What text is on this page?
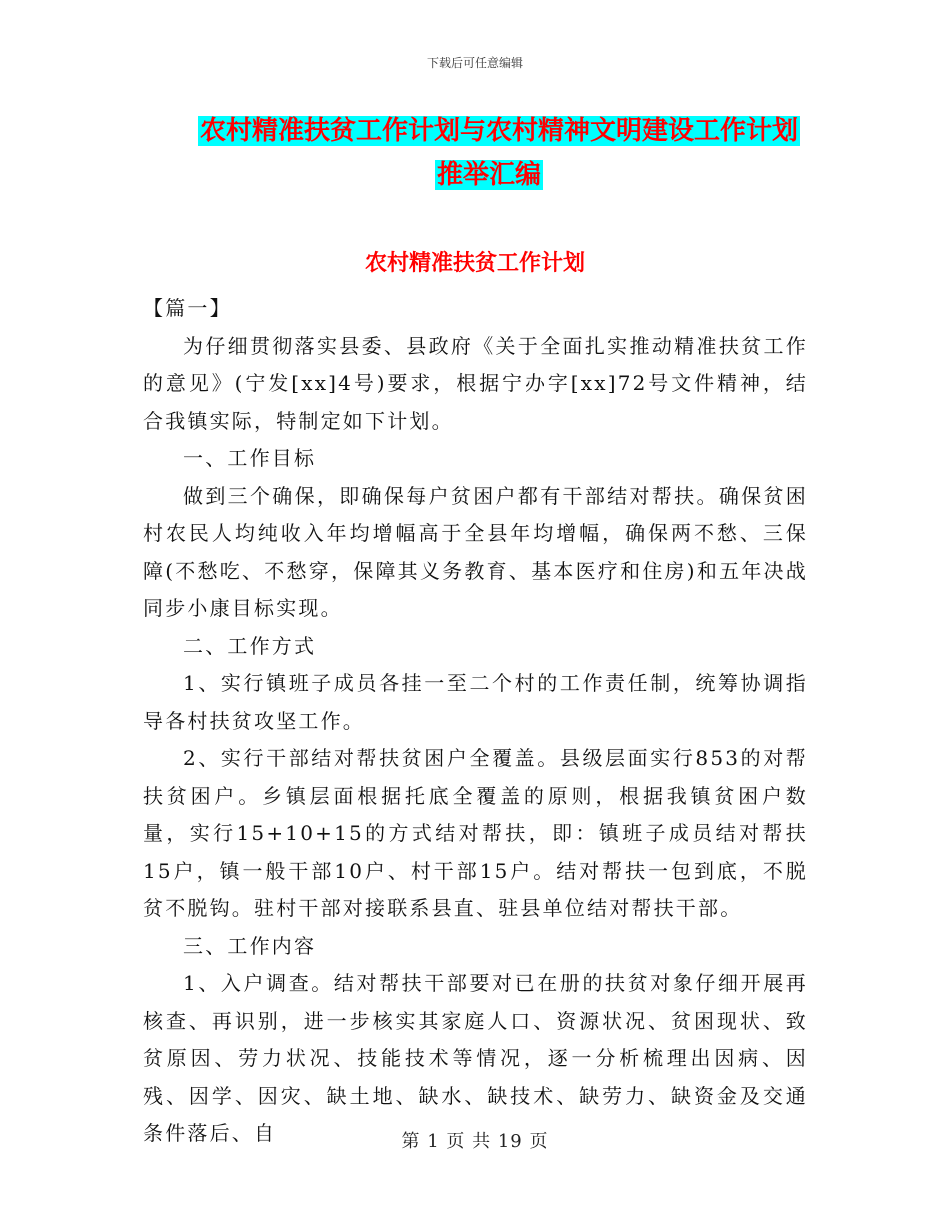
下载后可任意编辑
农村精准扶贫工作计划与农村精神文明建设工作计划
推举汇编
农村精准扶贫工作计划

【篇一】

为仔细贯彻落实县委、县政府《关于全面扎实推动精准扶贫工作的意见》(宁发[xx]4号)要求，根据宁办字[xx]72号文件精神，结合我镇实际，特制定如下计划。

一、工作目标

做到三个确保，即确保每户贫困户都有干部结对帮扶。确保贫困村农民人均纯收入年均增幅高于全县年均增幅，确保两不愁、三保障(不愁吃、不愁穿，保障其义务教育、基本医疗和住房)和五年决战同步小康目标实现。

二、工作方式

1、实行镇班子成员各挂一至二个村的工作责任制，统筹协调指导各村扶贫攻坚工作。

2、实行干部结对帮扶贫困户全覆盖。县级层面实行853的对帮扶贫困户。乡镇层面根据托底全覆盖的原则，根据我镇贫困户数量，实行15+10+15的方式结对帮扶，即：镇班子成员结对帮扶15户，镇一般干部10户、村干部15户。结对帮扶一包到底，不脱贫不脱钩。驻村干部对接联系县直、驻县单位结对帮扶干部。

三、工作内容

1、入户调查。结对帮扶干部要对已在册的扶贫对象仔细开展再核查、再识别，进一步核实其家庭人口、资源状况、贫困现状、致贫原因、劳力状况、技能技术等情况，逐一分析梳理出因病、因残、因学、因灾、缺土地、缺水、缺技术、缺劳力、缺资金及交通条件落后、自	第 1 页 共 19 页
